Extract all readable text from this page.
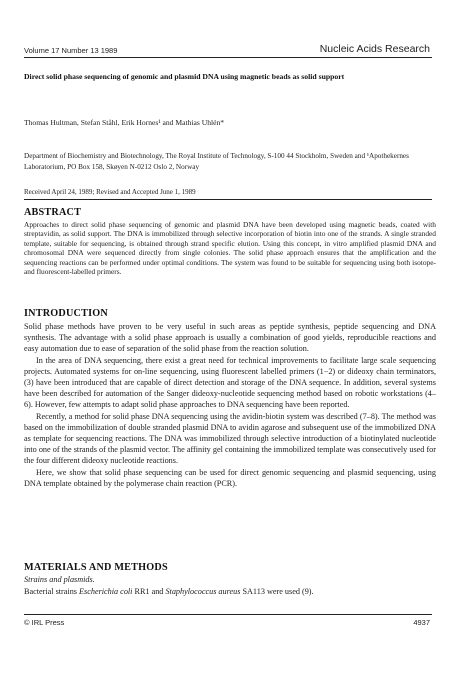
Volume 17 Number 13 1989	Nucleic Acids Research
Direct solid phase sequencing of genomic and plasmid DNA using magnetic beads as solid support
Thomas Hultman, Stefan Ståhl, Erik Hornes¹ and Mathias Uhlén*
Department of Biochemistry and Biotechnology, The Royal Institute of Technology, S-100 44 Stockholm, Sweden and ¹Apothekernes Laboratorium, PO Box 158, Skøyen N-0212 Oslo 2, Norway
Received April 24, 1989; Revised and Accepted June 1, 1989
ABSTRACT
Approaches to direct solid phase sequencing of genomic and plasmid DNA have been developed using magnetic beads, coated with streptavidin, as solid support. The DNA is immobilized through selective incorporation of biotin into one of the strands. A single stranded template, suitable for sequencing, is obtained through strand specific elution. Using this concept, in vitro amplified plasmid DNA and chromosomal DNA were sequenced directly from single colonies. The solid phase approach ensures that the amplification and the sequencing reactions can be performed under optimal conditions. The system was found to be suitable for sequencing using both isotope- and fluorescent-labelled primers.
INTRODUCTION

Solid phase methods have proven to be very useful in such areas as peptide synthesis, peptide sequencing and DNA synthesis. The advantage with a solid phase approach is usually a combination of good yields, reproducible reactions and easy automation due to ease of separation of the solid phase from the reaction solution.

In the area of DNA sequencing, there exist a great need for technical improvements to facilitate large scale sequencing projects. Automated systems for on-line sequencing, using fluorescent labelled primers (1−2) or dideoxy chain terminators, (3) have been introduced that are capable of direct detection and storage of the DNA sequence. In addition, several systems have been described for automation of the Sanger dideoxy-nucleotide sequencing method based on robotic workstations (4–6). However, few attempts to adapt solid phase approaches to DNA sequencing have been reported.

Recently, a method for solid phase DNA sequencing using the avidin-biotin system was described (7–8). The method was based on the immobilization of double stranded plasmid DNA to avidin agarose and subsequent use of the immobilized DNA as template for sequencing reactions. The DNA was immobilized through selective introduction of a biotinylated nucleotide into one of the strands of the plasmid vector. The affinity gel containing the immobilized template was consecutively used for the four different dideoxy nucleotide reactions.

Here, we show that solid phase sequencing can be used for direct genomic sequencing and plasmid sequencing, using DNA template obtained by the polymerase chain reaction (PCR).

MATERIALS AND METHODS
Strains and plasmids.
Bacterial strains Escherichia coli RR1 and Staphylococcus aureus SA113 were used (9).
© IRL Press	4937
